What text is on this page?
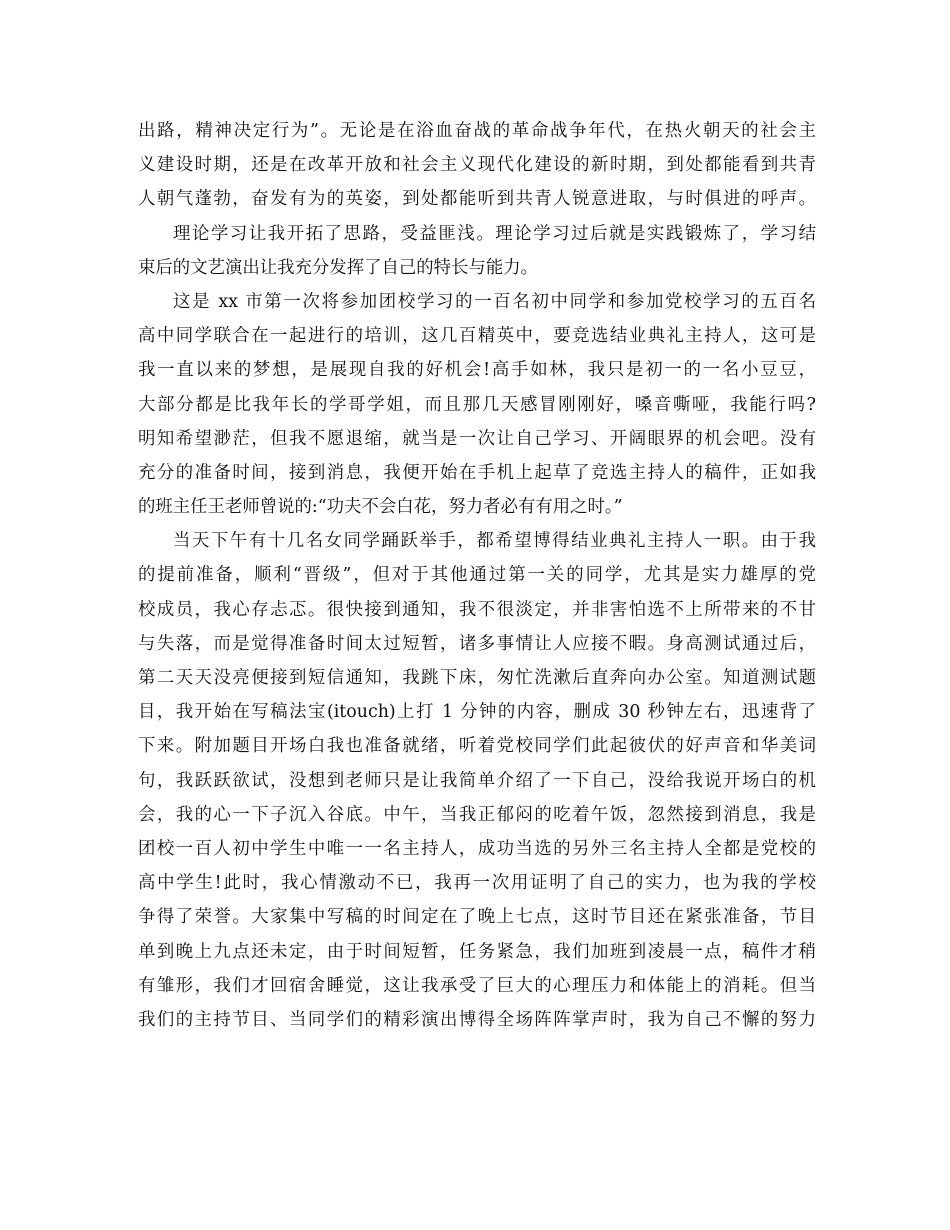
出路，精神决定行为”。无论是在浴血奋战的革命战争年代，在热火朝天的社会主
义建设时期，还是在改革开放和社会主义现代化建设的新时期，到处都能看到共青
人朝气蓬勃，奋发有为的英姿，到处都能听到共青人锐意进取，与时俱进的呼声。
理论学习让我开拓了思路，受益匪浅。理论学习过后就是实践锻炼了，学习结
束后的文艺演出让我充分发挥了自己的特长与能力。
这是 xx 市第一次将参加团校学习的一百名初中同学和参加党校学习的五百名
高中同学联合在一起进行的培训，这几百精英中，要竞选结业典礼主持人，这可是
我一直以来的梦想，是展现自我的好机会!高手如林，我只是初一的一名小豆豆，
大部分都是比我年长的学哥学姐，而且那几天感冒刚刚好，嗓音嘶哑，我能行吗?
明知希望渺茫，但我不愿退缩，就当是一次让自己学习、开阔眼界的机会吧。没有
充分的准备时间，接到消息，我便开始在手机上起草了竞选主持人的稿件，正如我
的班主任王老师曾说的:“功夫不会白花，努力者必有有用之时。”
当天下午有十几名女同学踊跃举手，都希望博得结业典礼主持人一职。由于我
的提前准备，顺利“晋级”，但对于其他通过第一关的同学，尤其是实力雄厚的党
校成员，我心存忐忑。很快接到通知，我不很淡定，并非害怕选不上所带来的不甘
与失落，而是觉得准备时间太过短暂，诸多事情让人应接不暇。身高测试通过后，
第二天天没亮便接到短信通知，我跳下床，匆忙洗漱后直奔向办公室。知道测试题
目，我开始在写稿法宝(itouch)上打 1 分钟的内容，删成 30 秒钟左右，迅速背了
下来。附加题目开场白我也准备就绪，听着党校同学们此起彼伏的好声音和华美词
句，我跃跃欲试，没想到老师只是让我简单介绍了一下自己，没给我说开场白的机
会，我的心一下子沉入谷底。中午，当我正郁闷的吃着午饭，忽然接到消息，我是
团校一百人初中学生中唯一一名主持人，成功当选的另外三名主持人全都是党校的
高中学生!此时，我心情激动不已，我再一次用证明了自己的实力，也为我的学校
争得了荣誉。大家集中写稿的时间定在了晚上七点，这时节目还在紧张准备，节目
单到晚上九点还未定，由于时间短暂，任务紧急，我们加班到凌晨一点，稿件才稍
有雏形，我们才回宿舍睡觉，这让我承受了巨大的心理压力和体能上的消耗。但当
我们的主持节目、当同学们的精彩演出博得全场阵阵掌声时，我为自己不懈的努力
